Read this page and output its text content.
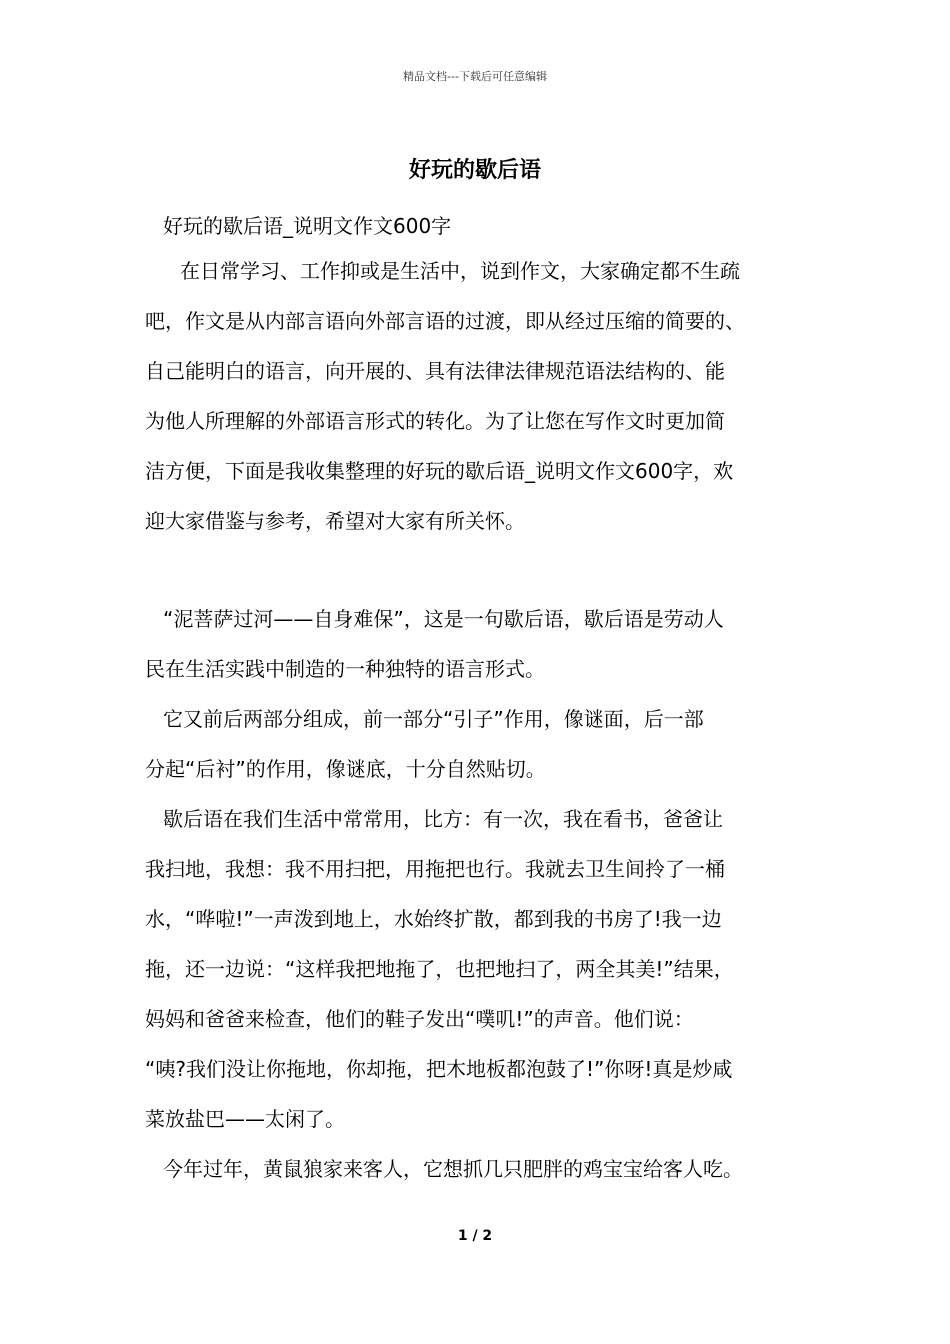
精品文档---下载后可任意编辑
好玩的歇后语
好玩的歇后语_说明文作文600字
在日常学习、工作抑或是生活中，说到作文，大家确定都不生疏
吧，作文是从内部言语向外部言语的过渡，即从经过压缩的简要的、
自己能明白的语言，向开展的、具有法律法律规范语法结构的、能
为他人所理解的外部语言形式的转化。为了让您在写作文时更加简
洁方便，下面是我收集整理的好玩的歇后语_说明文作文600字，欢
迎大家借鉴与参考，希望对大家有所关怀。
“泥菩萨过河——自身难保”，这是一句歇后语，歇后语是劳动人
民在生活实践中制造的一种独特的语言形式。
它又前后两部分组成，前一部分“引子”作用，像谜面，后一部
分起“后衬”的作用，像谜底，十分自然贴切。
歇后语在我们生活中常常用，比方：有一次，我在看书，爸爸让
我扫地，我想：我不用扫把，用拖把也行。我就去卫生间拎了一桶
水，“哗啦!”一声泼到地上，水始终扩散，都到我的书房了!我一边
拖，还一边说：“这样我把地拖了，也把地扫了，两全其美!”结果，
妈妈和爸爸来检查，他们的鞋子发出“噗叽!”的声音。他们说：
“咦?我们没让你拖地，你却拖，把木地板都泡鼓了!”你呀!真是炒咸
菜放盐巴——太闲了。
今年过年，黄鼠狼家来客人，它想抓几只肥胖的鸡宝宝给客人吃。
1 / 2
